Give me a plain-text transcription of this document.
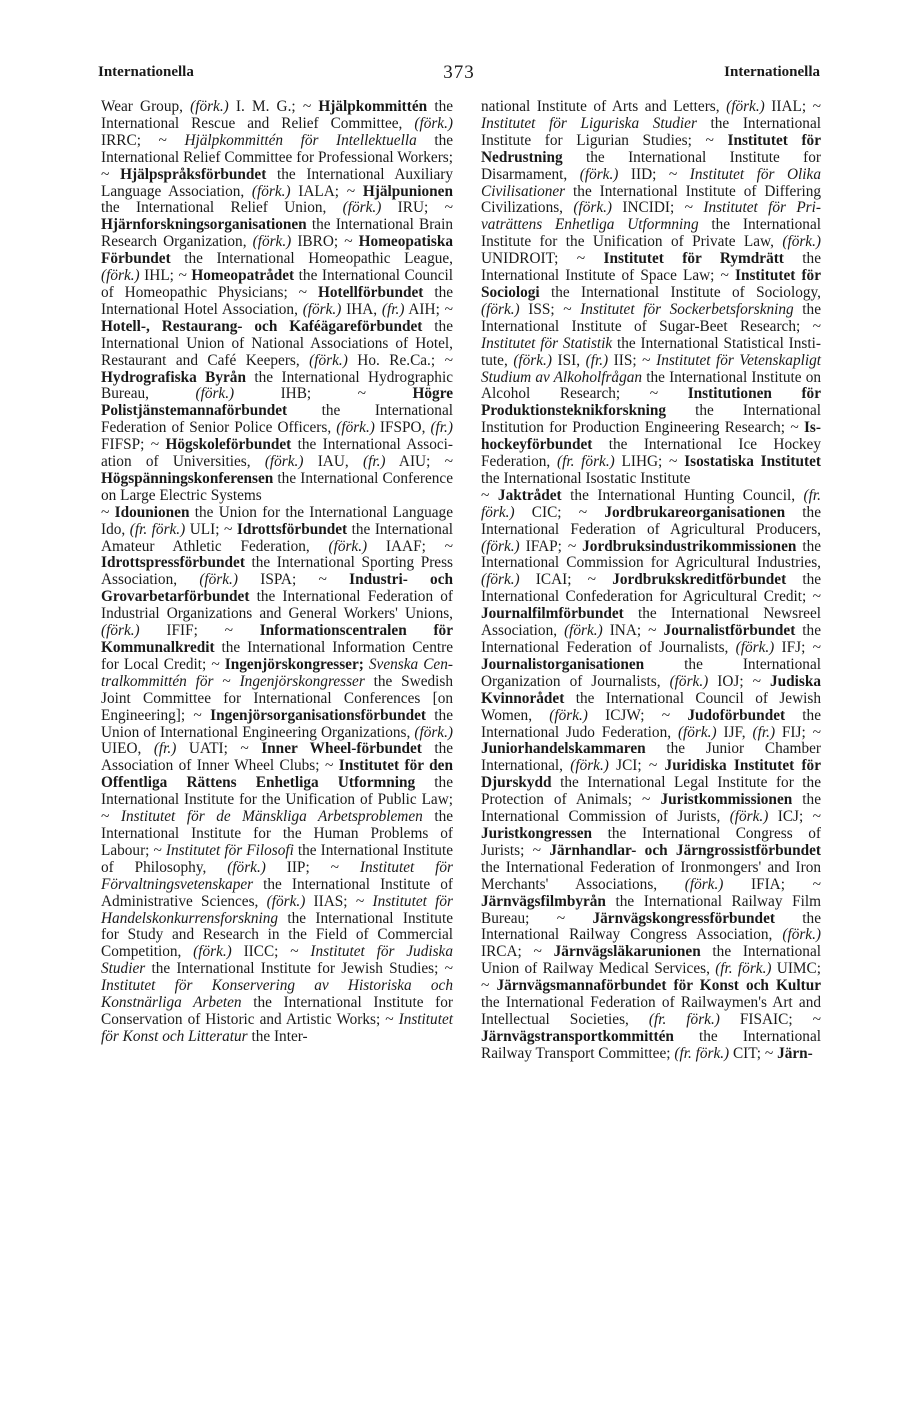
Internationella	373	Internationella

Wear Group, (förk.) I. M. G.; ~ Hjälpkommittén the International Rescue and Relief Committee, (förk.) IRRC; ~ Hjälpkommittén för Intellektuella the International Relief Committee for Professional Workers; ~ Hjälpspråksförbundet the International Auxiliary Language Association, (förk.) IALA; ~ Hjälpunionen the International Relief Union, (förk.) IRU; ~ Hjärnforskningsorganisationen the International Brain Research Organization, (förk.) IBRO; ~ Homeopatiska Förbundet the International Homeopathic League, (förk.) IHL; ~ Homeopatrådet the International Council of Homeopathic Physicians; ~ Hotellförbundet the International Hotel Association, (förk.) IHA, (fr.) AIH; ~ Hotell-, Restaurang- och Kaféägareförbundet the International Union of National Associations of Hotel, Restaurant and Café Keepers, (förk.) Ho. Re.Ca.; ~ Hydrografiska Byrån the International Hydrographic Bureau, (förk.) IHB; ~ Högre Polistjänstemannaförbundet the International Federation of Senior Police Officers, (förk.) IFSPO, (fr.) FIFSP; ~ Högskoleförbundet the International Association of Universities, (förk.) IAU, (fr.) AIU; ~ Högspänningskonferensen the International Conference on Large Electric Systems

~ Idounionen the Union for the International Language Ido, (fr. förk.) ULI; ~ Idrottsförbundet the International Amateur Athletic Federation, (förk.) IAAF; ~ Idrottspressförbundet the International Sporting Press Association, (förk.) ISPA; ~ Industri- och Grovarbetarförbundet the International Federation of Industrial Organizations and General Workers' Unions, (förk.) IFIF; ~ Informationscentralen för Kommunalkredit the International Information Centre for Local Credit; ~ Ingenjörskongresser; Svenska Centralkommittén för ~ Ingenjörskongresser the Swedish Joint Committee for International Conferences [on Engineering]; ~ Ingenjörsorganisationsförbundet the Union of International Engineering Organizations, (förk.) UIEO, (fr.) UATI; ~ Inner Wheel-förbundet the Association of Inner Wheel Clubs; ~ Institutet för den Offentliga Rättens Enhetliga Utformning the International Institute for the Unification of Public Law; ~ Institutet för de Mänskliga Arbetsproblemen the International Institute for the Human Problems of Labour; ~ Institutet för Filosofi the International Institute of Philosophy, (förk.) IIP; ~ Institutet för Förvaltningsvetenskaper the International Institute of Administrative Sciences, (förk.) IIAS; ~ Institutet för Handelskonkurrensforskning the International Institute for Study and Research in the Field of Commercial Competition, (förk.) IICC; ~ Institutet för Judiska Studier the International Institute for Jewish Studies; ~ Institutet för Konservering av Historiska och Konstnärliga Arbeten the International Institute for Conservation of Historic and Artistic Works; ~ Institutet för Konst och Litteratur the Inter-

national Institute of Arts and Letters, (förk.) IIAL; ~ Institutet för Liguriska Studier the International Institute for Ligurian Studies; ~ Institutet för Nedrustning the International Institute for Disarmament, (förk.) IID; ~ Institutet för Olika Civilisationer the International Institute of Differing Civilizations, (förk.) INCIDI; ~ Institutet för Privaträttens Enhetliga Utformning the International Institute for the Unification of Private Law, (förk.) UNIDROIT; ~ Institutet för Rymdrätt the International Institute of Space Law; ~ Institutet för Sociologi the International Institute of Sociology, (förk.) ISS; ~ Institutet för Sockerbetsforskning the International Institute of Sugar-Beet Research; ~ Institutet för Statistik the International Statistical Institute, (förk.) ISI, (fr.) IIS; ~ Institutet för Vetenskapligt Studium av Alkoholfrågan the International Institute on Alcohol Research; ~ Institutionen för Produktionsteknikforskning the International Institution for Production Engineering Research; ~ Ishockeyförbundet the International Ice Hockey Federation, (fr. förk.) LIHG; ~ Isostatiska Institutet the International Isostatic Institute

~ Jaktrådet the International Hunting Council, (fr. förk.) CIC; ~ Jordbrukareorganisationen the International Federation of Agricultural Producers, (förk.) IFAP; ~ Jordbruksindustrikommissionen the International Commission for Agricultural Industries, (förk.) ICAI; ~ Jordbrukskreditförbundet the International Confederation for Agricultural Credit; ~ Journalfilmförbundet the International Newsreel Association, (förk.) INA; ~ Journalistförbundet the International Federation of Journalists, (förk.) IFJ; ~ Journalistorganisationen the International Organization of Journalists, (förk.) IOJ; ~ Judiska Kvinnorådet the International Council of Jewish Women, (förk.) ICJW; ~ Judoförbundet the International Judo Federation, (förk.) IJF, (fr.) FIJ; ~ Juniorhandelskammaren the Junior Chamber International, (förk.) JCI; ~ Juridiska Institutet för Djurskydd the International Legal Institute for the Protection of Animals; ~ Juristkommissionen the International Commission of Jurists, (förk.) ICJ; ~ Juristkongressen the International Congress of Jurists; ~ Järnhandlar- och Järngrossistförbundet the International Federation of Ironmongers' and Iron Merchants' Associations, (förk.) IFIA; ~ Järnvägsfilmbyrån the International Railway Film Bureau; ~ Järnvägskongressförbundet the International Railway Congress Association, (förk.) IRCA; ~ Järnvägsläkarunionen the International Union of Railway Medical Services, (fr. förk.) UIMC; ~ Järnvägsmannaförbundet för Konst och Kultur the International Federation of Railwaymen's Art and Intellectual Societies, (fr. förk.) FISAIC; ~ Järnvägstransportkommittén the International Railway Transport Committee; (fr. förk.) CIT; ~ Järn-
